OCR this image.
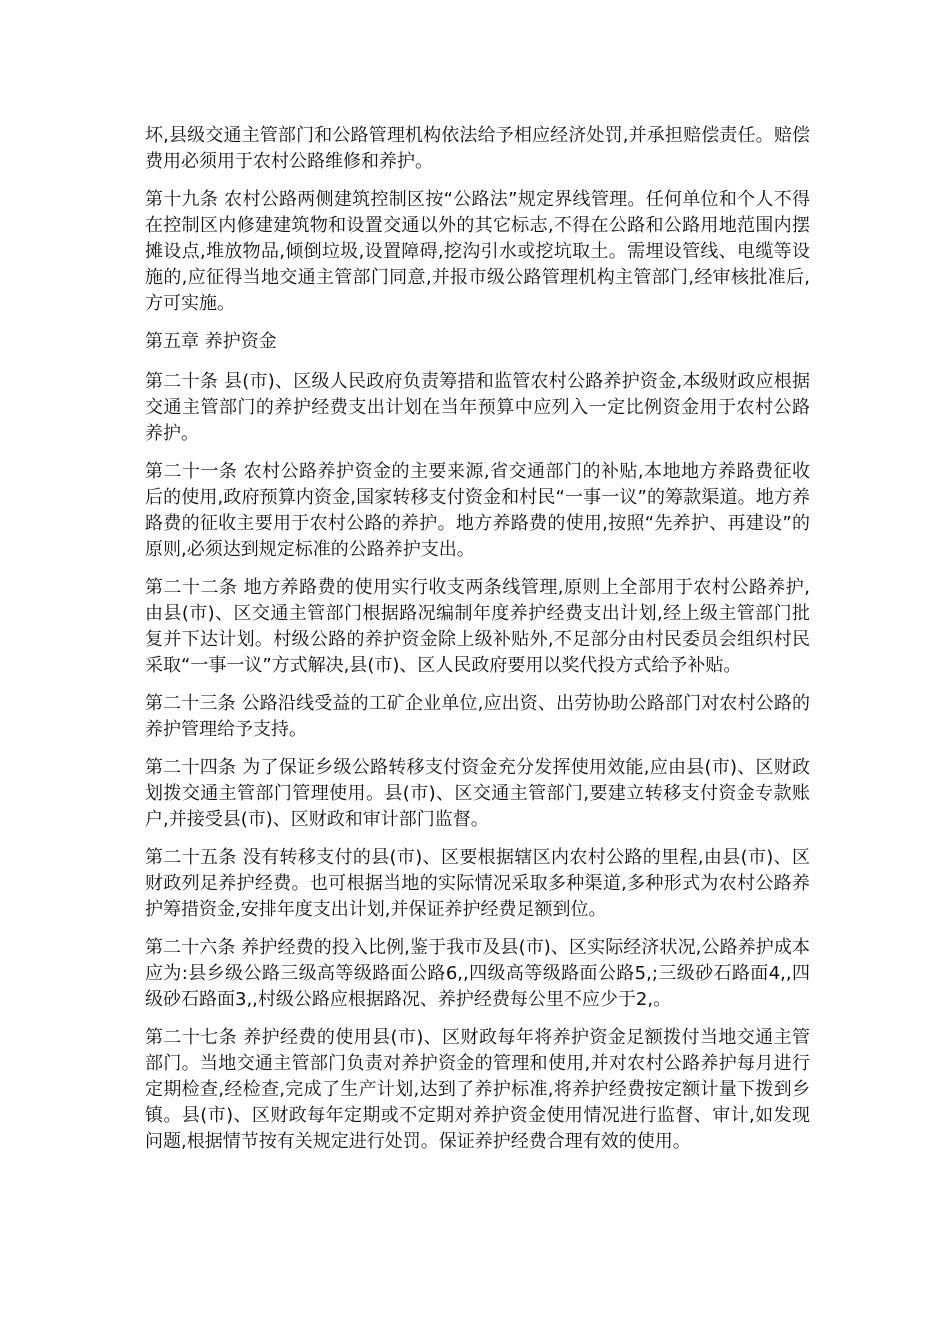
坏,县级交通主管部门和公路管理机构依法给予相应经济处罚,并承担赔偿责任。赔偿费用必须用于农村公路维修和养护。

第十九条 农村公路两侧建筑控制区按“公路法”规定界线管理。任何单位和个人不得在控制区内修建建筑物和设置交通以外的其它标志,不得在公路和公路用地范围内摆摊设点,堆放物品,倾倒垃圾,设置障碍,挖沟引水或挖坑取土。需埋设管线、电缆等设施的,应征得当地交通主管部门同意,并报市级公路管理机构主管部门,经审核批准后,方可实施。

第五章 养护资金

第二十条 县(市)、区级人民政府负责筹措和监管农村公路养护资金,本级财政应根据交通主管部门的养护经费支出计划在当年预算中应列入一定比例资金用于农村公路养护。

第二十一条 农村公路养护资金的主要来源,省交通部门的补贴,本地地方养路费征收后的使用,政府预算内资金,国家转移支付资金和村民“一事一议”的筹款渠道。地方养路费的征收主要用于农村公路的养护。地方养路费的使用,按照“先养护、再建设”的原则,必须达到规定标准的公路养护支出。

第二十二条 地方养路费的使用实行收支两条线管理,原则上全部用于农村公路养护,由县(市)、区交通主管部门根据路况编制年度养护经费支出计划,经上级主管部门批复并下达计划。村级公路的养护资金除上级补贴外,不足部分由村民委员会组织村民采取“一事一议”方式解决,县(市)、区人民政府要用以奖代投方式给予补贴。

第二十三条 公路沿线受益的工矿企业单位,应出资、出劳协助公路部门对农村公路的养护管理给予支持。

第二十四条 为了保证乡级公路转移支付资金充分发挥使用效能,应由县(市)、区财政划拨交通主管部门管理使用。县(市)、区交通主管部门,要建立转移支付资金专款账户,并接受县(市)、区财政和审计部门监督。

第二十五条 没有转移支付的县(市)、区要根据辖区内农村公路的里程,由县(市)、区财政列足养护经费。也可根据当地的实际情况采取多种渠道,多种形式为农村公路养护筹措资金,安排年度支出计划,并保证养护经费足额到位。

第二十六条 养护经费的投入比例,鉴于我市及县(市)、区实际经济状况,公路养护成本应为:县乡级公路三级高等级路面公路6,,四级高等级路面公路5,;三级砂石路面4,,四级砂石路面3,,村级公路应根据路况、养护经费每公里不应少于2,。

第二十七条 养护经费的使用县(市)、区财政每年将养护资金足额拨付当地交通主管部门。当地交通主管部门负责对养护资金的管理和使用,并对农村公路养护每月进行定期检查,经检查,完成了生产计划,达到了养护标准,将养护经费按定额计量下拨到乡镇。县(市)、区财政每年定期或不定期对养护资金使用情况进行监督、审计,如发现问题,根据情节按有关规定进行处罚。保证养护经费合理有效的使用。
